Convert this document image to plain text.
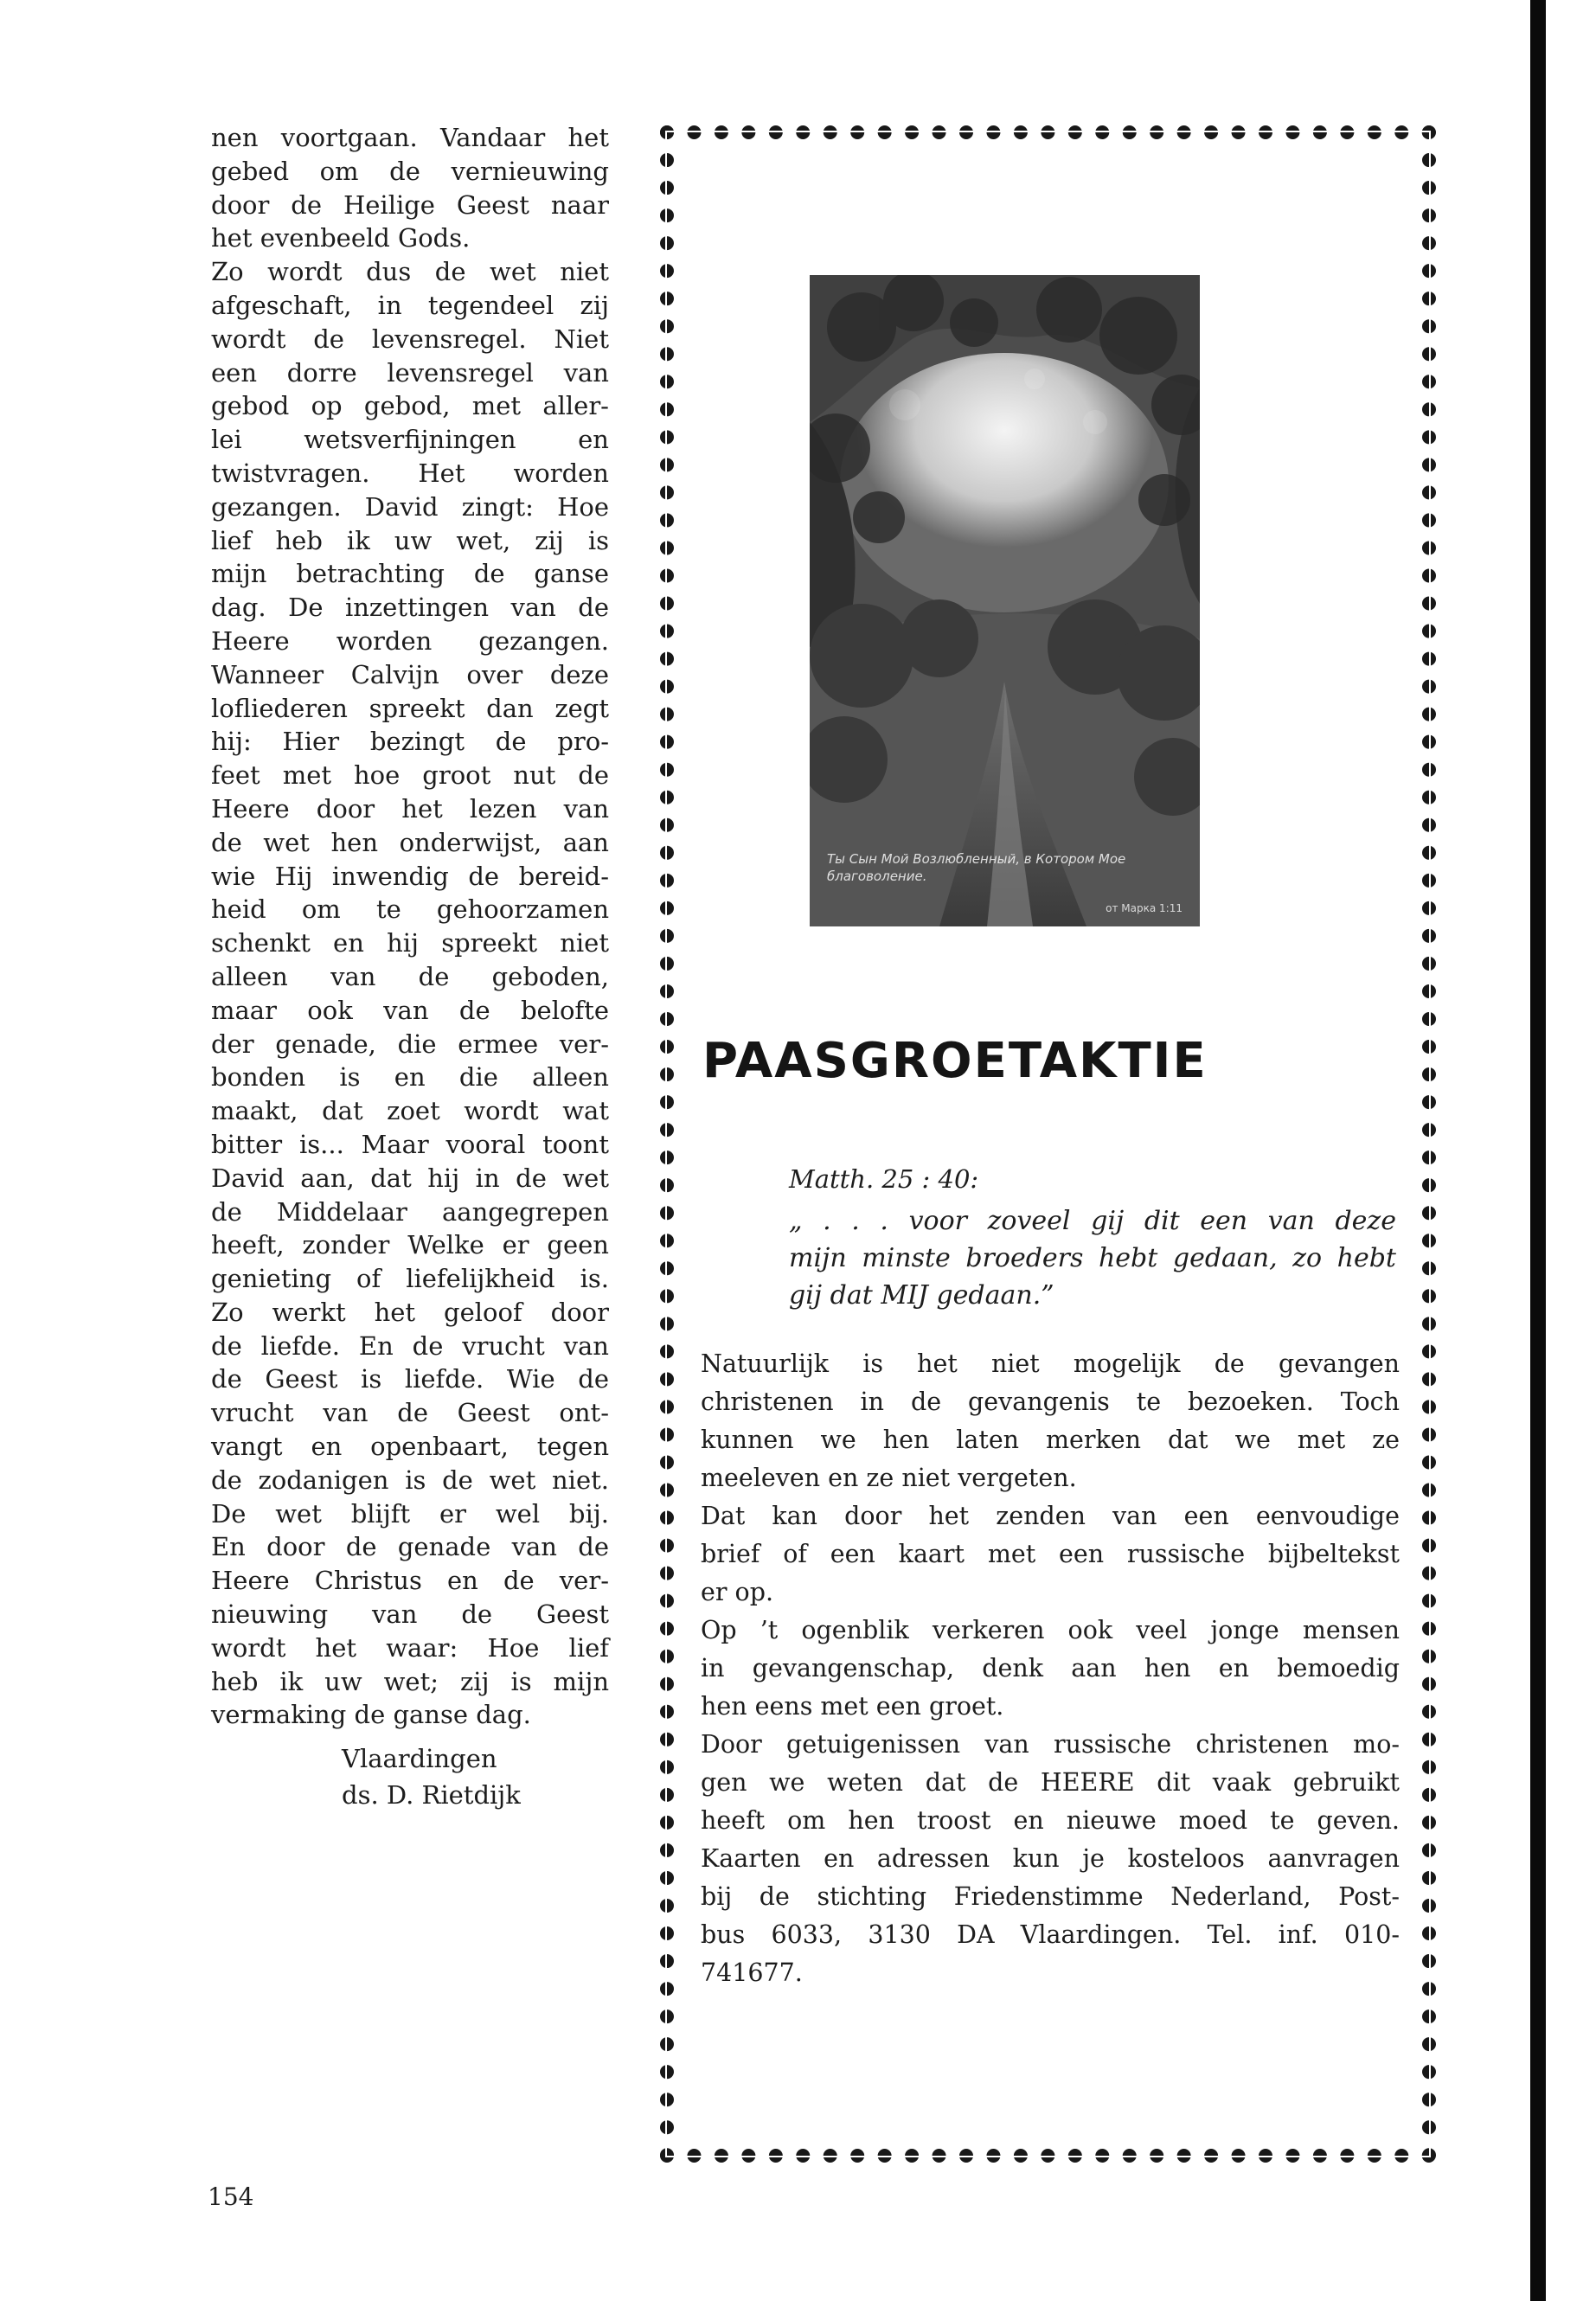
nen voortgaan. Vandaar het

gebed om de vernieuwing

door de Heilige Geest naar

het evenbeeld Gods.

Zo wordt dus de wet niet

afgeschaft, in tegendeel zij

wordt de levensregel. Niet

een dorre levensregel van

gebod op gebod, met aller-

lei wetsverfijningen en

twistvragen. Het worden

gezangen. David zingt: Hoe

lief heb ik uw wet, zij is

mijn betrachting de ganse

dag. De inzettingen van de

Heere worden gezangen.

Wanneer Calvijn over deze

lofliederen spreekt dan zegt

hij: Hier bezingt de pro-

feet met hoe groot nut de

Heere door het lezen van

de wet hen onderwijst, aan

wie Hij inwendig de bereid-

heid om te gehoorzamen

schenkt en hij spreekt niet

alleen van de geboden,

maar ook van de belofte

der genade, die ermee ver-

bonden is en die alleen

maakt, dat zoet wordt wat

bitter is... Maar vooral toont

David aan, dat hij in de wet

de Middelaar aangegrepen

heeft, zonder Welke er geen

genieting of liefelijkheid is.

Zo werkt het geloof door

de liefde. En de vrucht van

de Geest is liefde. Wie de

vrucht van de Geest ont-

vangt en openbaart, tegen

de zodanigen is de wet niet.

De wet blijft er wel bij.

En door de genade van de

Heere Christus en de ver-

nieuwing van de Geest

wordt het waar: Hoe lief

heb ik uw wet; zij is mijn

vermaking de ganse dag.

Vlaardingen
ds. D. Rietdijk
154
Ты Сын Мой Возлюбленный, в Котором Мое благоволение.
от Марка 1:11
PAASGROETAKTIE
Matth. 25 : 40:

„ . . . voor zoveel gij dit een van deze

mijn minste broeders hebt gedaan, zo hebt

gij dat MIJ gedaan.”

Natuurlijk is het niet mogelijk de gevangen

christenen in de gevangenis te bezoeken. Toch

kunnen we hen laten merken dat we met ze

meeleven en ze niet vergeten.

Dat kan door het zenden van een eenvoudige

brief of een kaart met een russische bijbeltekst

er op.

Op ’t ogenblik verkeren ook veel jonge mensen

in gevangenschap, denk aan hen en bemoedig

hen eens met een groet.

Door getuigenissen van russische christenen mo-

gen we weten dat de HEERE dit vaak gebruikt

heeft om hen troost en nieuwe moed te geven.

Kaarten en adressen kun je kosteloos aanvragen

bij de stichting Friedenstimme Nederland, Post-

bus 6033, 3130 DA Vlaardingen. Tel. inf. 010-

741677.
